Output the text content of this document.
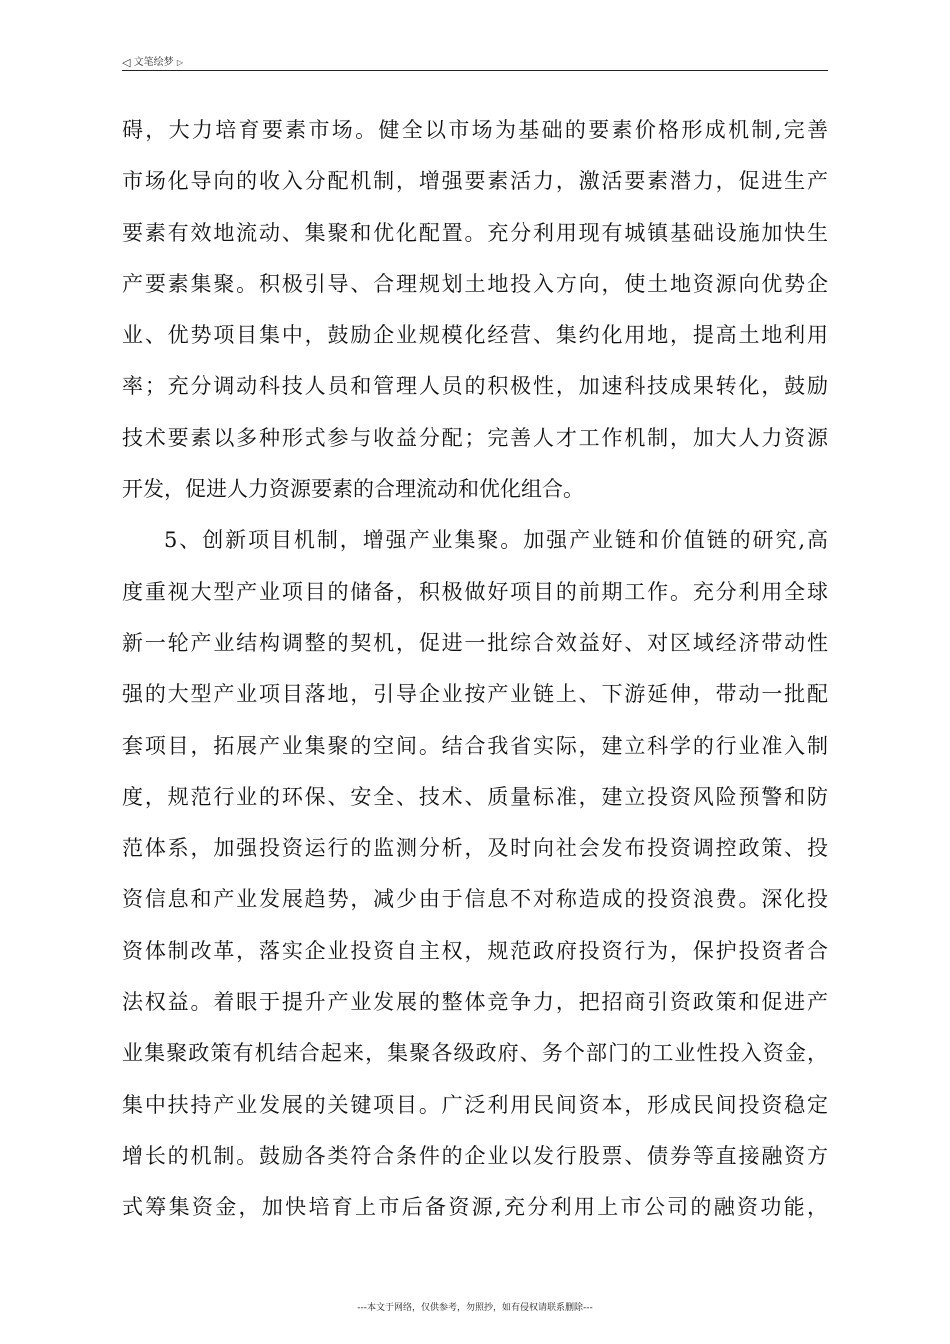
◁ 文笔绘梦 ▷
碍，大力培育要素市场。健全以市场为基础的要素价格形成机制,完善
市场化导向的收入分配机制，增强要素活力，激活要素潜力，促进生产
要素有效地流动、集聚和优化配置。充分利用现有城镇基础设施加快生
产要素集聚。积极引导、合理规划土地投入方向，使土地资源向优势企
业、优势项目集中，鼓励企业规模化经营、集约化用地，提高土地利用
率；充分调动科技人员和管理人员的积极性，加速科技成果转化，鼓励
技术要素以多种形式参与收益分配；完善人才工作机制，加大人力资源
开发，促进人力资源要素的合理流动和优化组合。
5、创新项目机制，增强产业集聚。加强产业链和价值链的研究,高
度重视大型产业项目的储备，积极做好项目的前期工作。充分利用全球
新一轮产业结构调整的契机，促进一批综合效益好、对区域经济带动性
强的大型产业项目落地，引导企业按产业链上、下游延伸，带动一批配
套项目，拓展产业集聚的空间。结合我省实际，建立科学的行业准入制
度，规范行业的环保、安全、技术、质量标准，建立投资风险预警和防
范体系，加强投资运行的监测分析，及时向社会发布投资调控政策、投
资信息和产业发展趋势，减少由于信息不对称造成的投资浪费。深化投
资体制改革，落实企业投资自主权，规范政府投资行为，保护投资者合
法权益。着眼于提升产业发展的整体竞争力，把招商引资政策和促进产
业集聚政策有机结合起来，集聚各级政府、务个部门的工业性投入资金，
集中扶持产业发展的关键项目。广泛利用民间资本，形成民间投资稳定
增长的机制。鼓励各类符合条件的企业以发行股票、债券等直接融资方
式筹集资金，加快培育上市后备资源,充分利用上市公司的融资功能，
---本文于网络，仅供参考，勿照抄，如有侵权请联系删除---
